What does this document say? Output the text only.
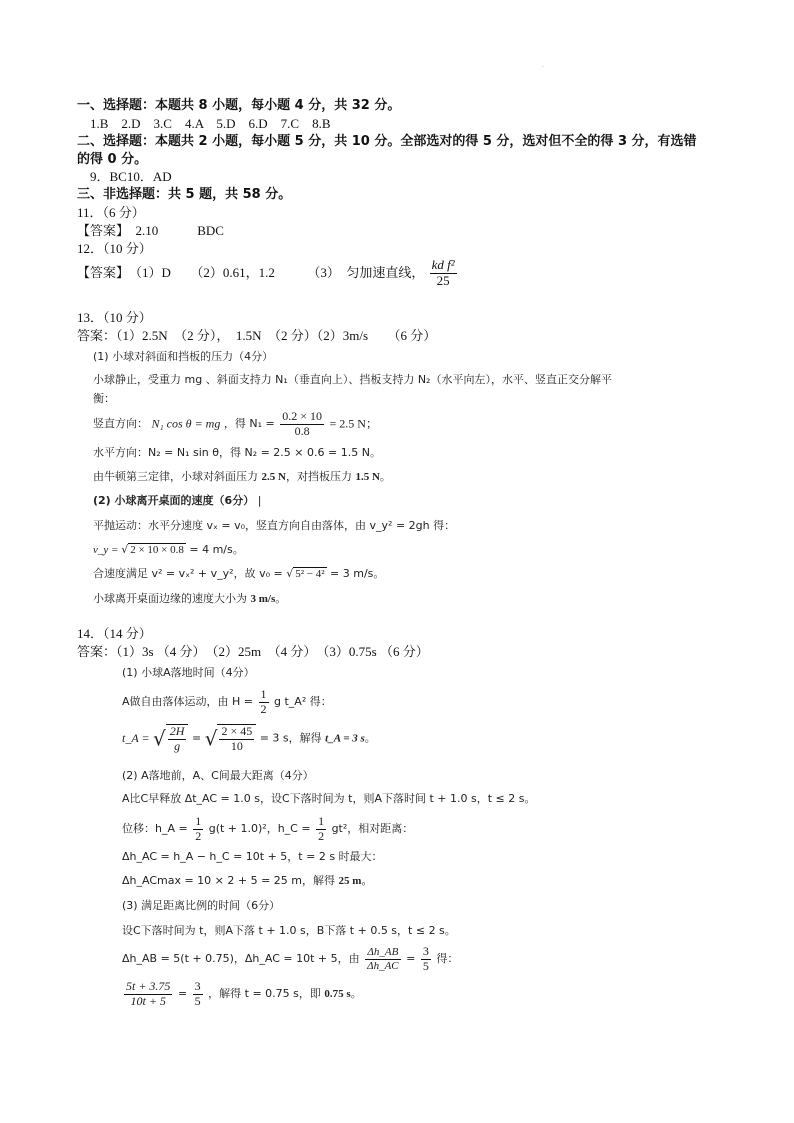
·
一、选择题：本题共 8 小题，每小题 4 分，共 32 分。
1.B　2.D　3.C　4.A　5.D　6.D　7.C　8.B
二、选择题：本题共 2 小题，每小题 5 分，共 10 分。全部选对的得 5 分，选对但不全的得 3 分，有选错
的得 0 分。
9．BC10．AD
三、非选择题：共 5 题，共 58 分。
11．（6 分）
【答案】　2.10　　　BDC
12．（10 分）
【答案】　（1）D　　（2）0.61，1.2　　　（3）　匀加速直线， $\frac{\text{kd f²}}{25}$
13．（10 分）
答案：（1）2.5N　（2 分），　1.5N　（2 分）（2）3m/s　　（6 分）
(1) 小球对斜面和挡板的压力（4分）
小球静止，受重力 mg 、斜面支持力 N₁（垂直向上）、挡板支持力 N₂（水平向左），水平、竖直正交分解平
衡：
竖直方向： N₁ cos θ = mg ，得 $N_1 = \frac{0.2 \times 10}{0.8} = 2.5$ N；
水平方向：N₂ = N₁ sin θ，得 N₂ = 2.5 × 0.6 = 1.5 N。
由牛顿第三定律，小球对斜面压力 2.5 N，对挡板压力 1.5 N。
(2) 小球离开桌面的速度（6分） |
平抛运动：水平分速度 vₓ = v₀，竖直方向自由落体，由 v_y² = 2gh 得：
v_y = √ 2 × 10 × 0.8 = 4 m/s。
合速度满足 v² = vₓ² + v_y²，故 v₀ = √ 5² − 4² = 3 m/s。
小球离开桌面边缘的速度大小为 3 m/s。
14．（14 分）
答案：（1）3s （4 分）　（2）25m　（4 分）　（3）0.75s （6 分）
(1) 小球A落地时间（4分）
A做自由落体运动，由 $H = \frac{1}{2}$ g t_A² 得：
t_A = √ $\frac{2H}{g}$ = √ $\frac{2 \times 45}{10} = 3$ s，解得 t_A = 3 s。
(2) A落地前，A、C间最大距离（4分）
A比C早释放 Δt_AC = 1.0 s，设C下落时间为 t，则A下落时间 t + 1.0 s，t ≤ 2 s。
位移：h_A = $\frac{1}{2} g(t + 1.0)^2$，h_C = $\frac{1}{2} gt^2$，相对距离：
Δh_AC = h_A − h_C = 10t + 5，t = 2 s 时最大：
Δh_ACmax = 10 × 2 + 5 = 25 m，解得 25 m。
(3) 满足距离比例的时间（6分）
设C下落时间为 t，则A下落 t + 1.0 s，B下落 t + 0.5 s，t ≤ 2 s。
Δh_AB = 5(t + 0.75)，Δh_AC = 10t + 5，由 $\frac{\Delta h\_AB}{\Delta h\_AC} = \frac{3}{5}$ 得：
$\frac{5t + 3.75}{10t + 5} = \frac{3}{5}$ ，解得 t = 0.75 s，即 0.75 s。
